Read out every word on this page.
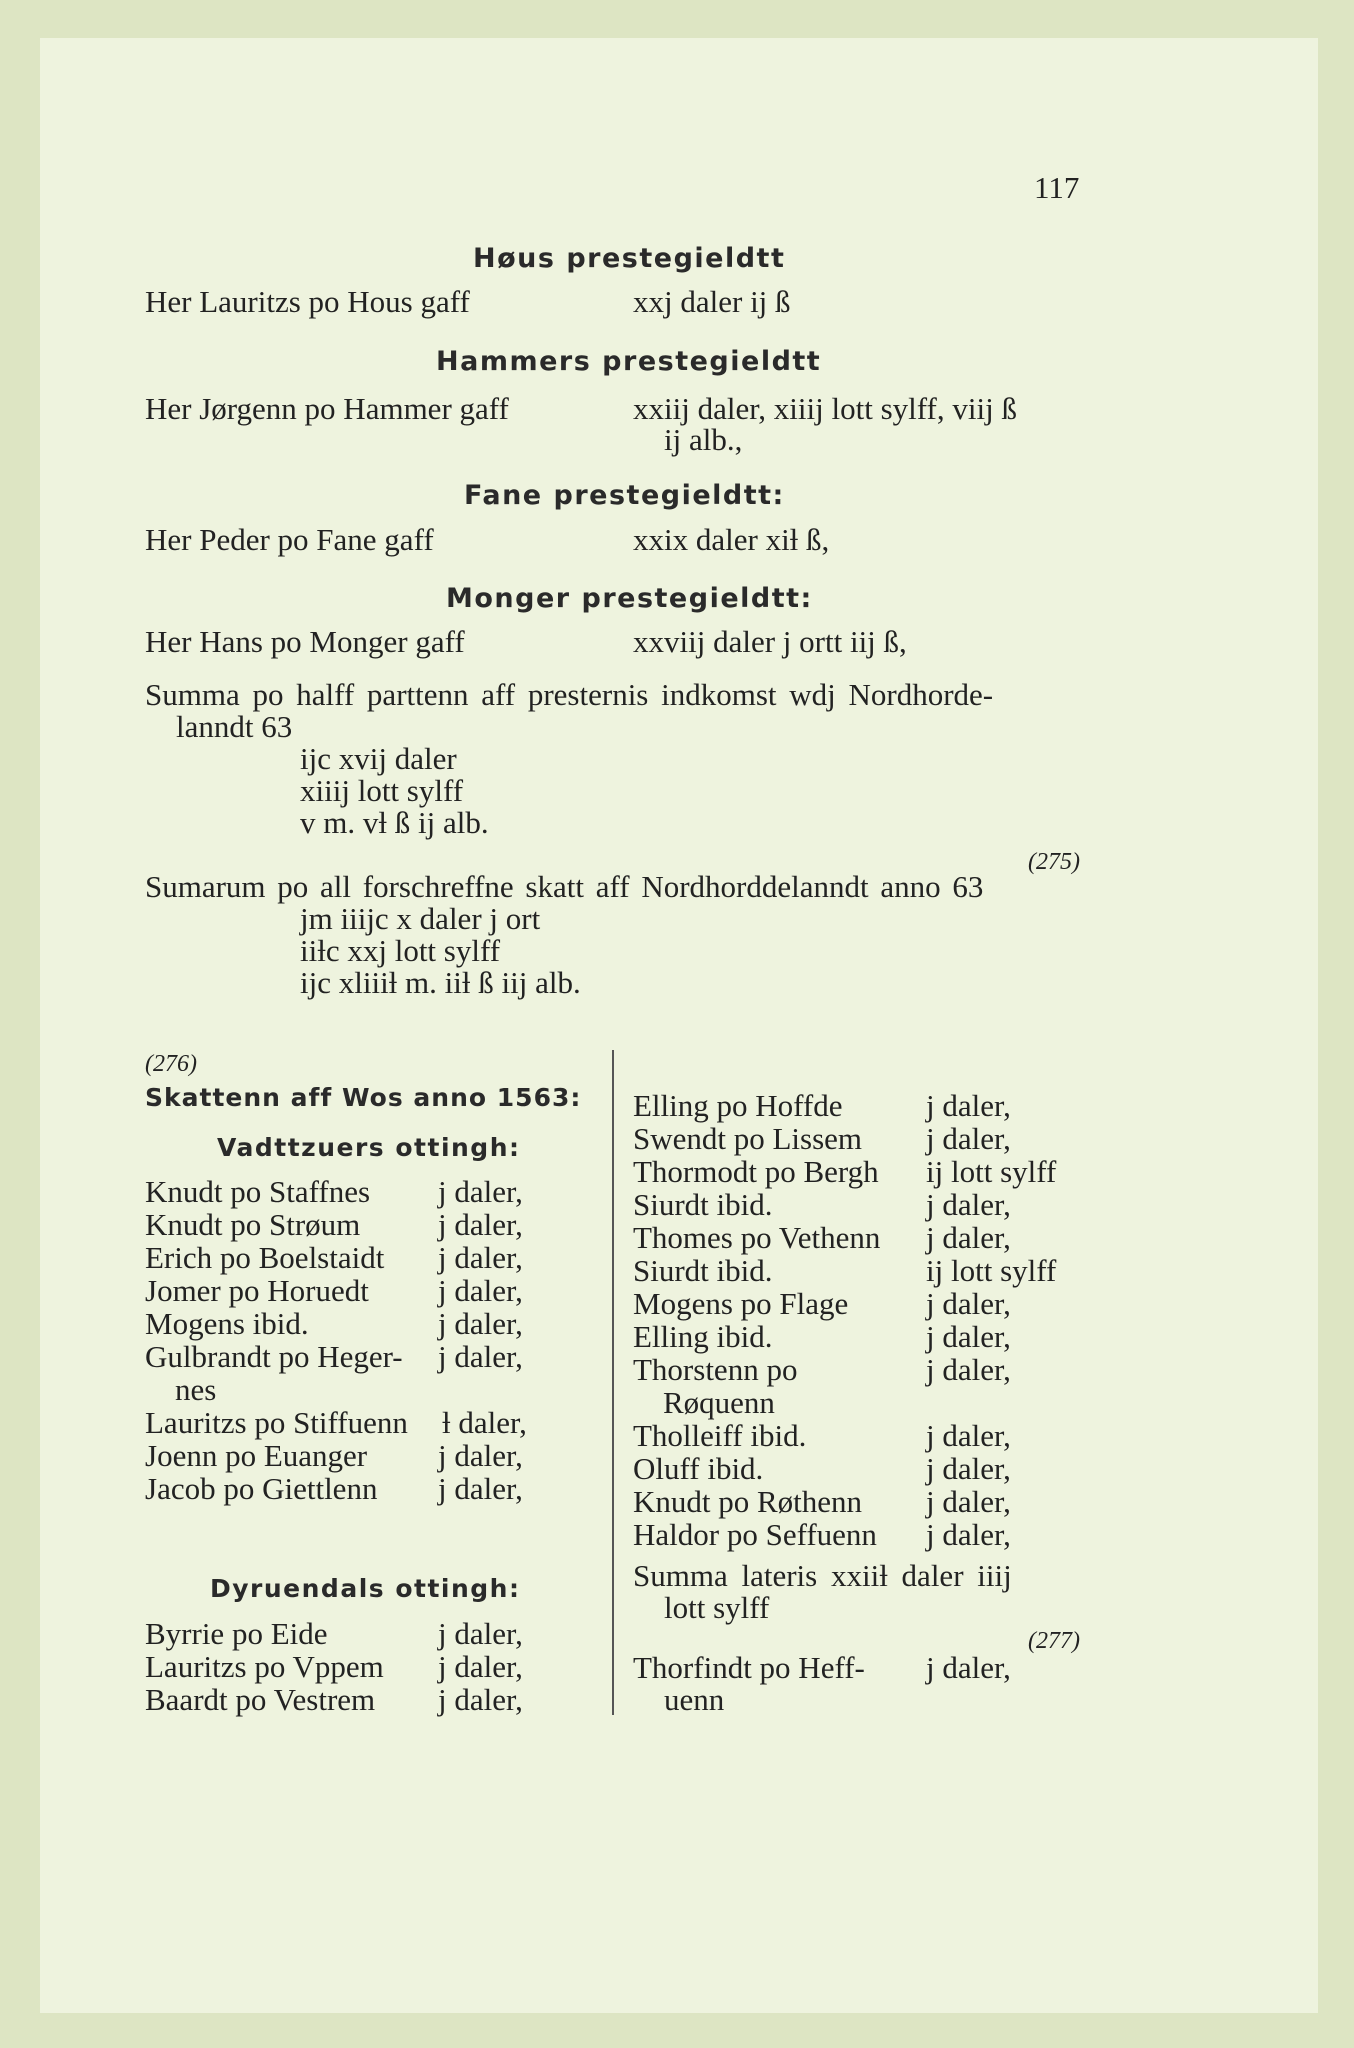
117
Høus prestegieldtt
Her Lauritzs po Hous gaff	xxj daler ij ß
Hammers prestegieldtt
Her Jørgenn po Hammer gaff	xxiij daler, xiiij lott sylff, viij ß
ij alb.,
Fane prestegieldtt:
Her Peder po Fane gaff	xxix daler xiƚ ß,
Monger prestegieldtt:
Her Hans po Monger gaff	xxviij daler j ortt iij ß,
Summa po halff parttenn aff presternis indkomst wdj Nordhorde-
lanndt 63
ijc xvij daler
xiiij lott sylff
v m. vƚ ß ij alb.
(275)
Sumarum po all forschreffne skatt aff Nordhorddelanndt anno 63
jm iiijc x daler j ort
iiƚc xxj lott sylff
ijc xliiiƚ m. iiƚ ß iij alb.
(276)
Skattenn aff Wos anno 1563:
Vadttzuers ottingh:
Knudt po Staffnes j daler,
Knudt po Strøum	j daler,
Erich po Boelstaidt j daler,
Jomer po Horuedt j daler,
Mogens ibid.	j daler,
Gulbrandt po Heger- j daler,
nes
Lauritzs po Stiffuenn ƚ daler,
Joenn po Euanger j daler,
Jacob po Giettlenn j daler,
Dyruendals ottingh:
Byrrie po Eide	j daler,
Lauritzs po Vppem j daler,
Baardt po Vestrem j daler,
Elling po Hoffde	j daler,
Swendt po Lissem j daler,
Thormodt po Bergh ij lott sylff
Siurdt ibid.	j daler,
Thomes po Vethenn j daler,
Siurdt ibid.	ij lott sylff
Mogens po Flage	j daler,
Elling ibid.	j daler,
Thorstenn po	j daler,
Røquenn
Tholleiff ibid.	j daler,
Oluff ibid.	j daler,
Knudt po Røthenn j daler,
Haldor po Seffuenn j daler,
Summa lateris xxiiƚ daler iiij
lott sylff
(277)
Thorfindt po Heff- j daler,
uenn
